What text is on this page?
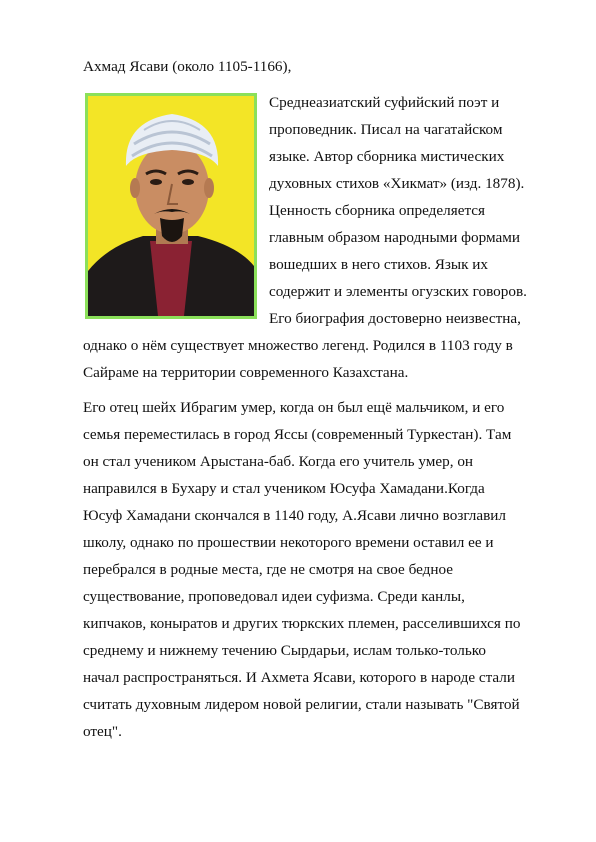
Ахмад Ясави (около 1105-1166),
Среднеазиатский суфийский поэт и
проповедник. Писал на чагатайском
языке. Автор сборника мистических
духовных стихов «Хикмат» (изд. 1878).
Ценность сборника определяется
главным образом народными формами
вошедших в него стихов. Язык их
содержит и элементы огузских говоров.
Его биография достоверно неизвестна,
однако о нём существует множество легенд. Родился в 1103 году в
Сайраме на территории современного Казахстана.
Его отец шейх Ибрагим умер, когда он был ещё мальчиком, и его
семья переместилась в город Яссы (современный Туркестан). Там
он стал учеником Арыстана-баб. Когда его учитель умер, он
направился в Бухару и стал учеником Юсуфа Хамадани.Когда
Юсуф Хамадани скончался в 1140 году, А.Ясави лично возглавил
школу, однако по прошествии некоторого времени оставил ее и
перебрался в родные места, где не смотря на свое бедное
существование, проповедовал идеи суфизма. Среди канлы,
кипчаков, коныратов и других тюркских племен, расселившихся по
среднему и нижнему течению Сырдарьи, ислам только-только
начал распространяться. И Ахмета Ясави, которого в народе стали
считать духовным лидером новой религии, стали называть "Святой
отец".
